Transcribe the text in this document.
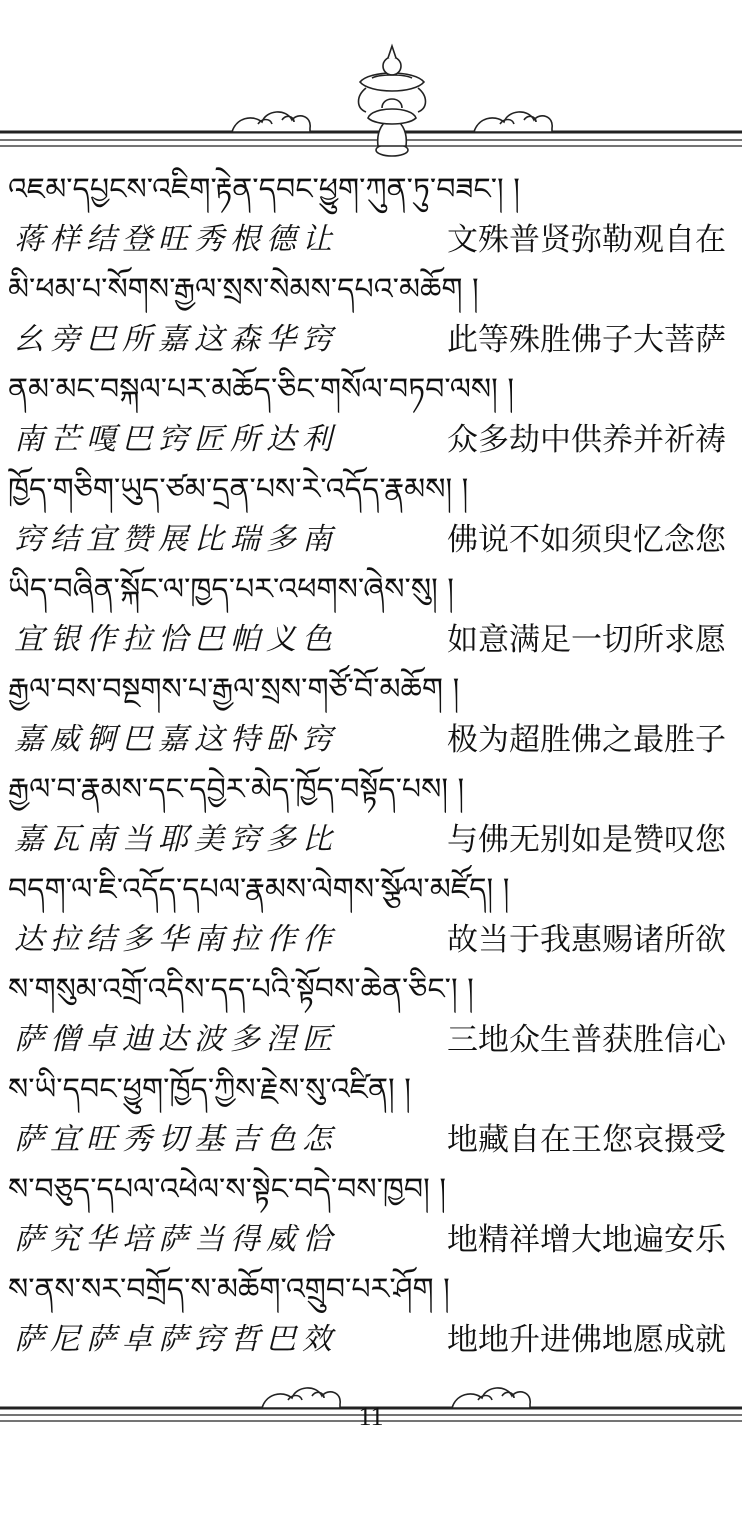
འཇམ་དཔྱངས་འཇིག་རྟེན་དབང་ཕྱུག་ཀུན་ཏུ་བཟང་། །
蒋样结登旺秀根德让	文殊普贤弥勒观自在
མི་ཕམ་པ་སོགས་རྒྱལ་སྲས་སེམས་དཔའ་མཆོག །
幺旁巴所嘉这森华窍	此等殊胜佛子大菩萨
ནམ་མང་བསྐལ་པར་མཆོད་ཅིང་གསོལ་བཏབ་ལས། །
南芒嘎巴窍匠所达利	众多劫中供养并祈祷
ཁྱོད་གཅིག་ཡུད་ཙམ་དྲན་པས་རེ་འདོད་རྣམས། །
窍结宜赞展比瑞多南	佛说不如须臾忆念您
ཡིད་བཞིན་སྐོང་ལ་ཁྱད་པར་འཕགས་ཞེས་སུ། །
宜银作拉恰巴帕义色	如意满足一切所求愿
རྒྱལ་བས་བསྔགས་པ་རྒྱལ་སྲས་གཙོ་བོ་མཆོག །
嘉威锕巴嘉这特卧窍	极为超胜佛之最胜子
རྒྱལ་བ་རྣམས་དང་དབྱེར་མེད་ཁྱོད་བསྟོད་པས། །
嘉瓦南当耶美窍多比	与佛无别如是赞叹您
བདག་ལ་ཇི་འདོད་དཔལ་རྣམས་ལེགས་སྩོལ་མཛོད། །
达拉结多华南拉作作	故当于我惠赐诸所欲
ས་གསུམ་འགྲོ་འདིས་དད་པའི་སྟོབས་ཆེན་ཅིང་། །
萨僧卓迪达波多涅匠	三地众生普获胜信心
ས་ཡི་དབང་ཕྱུག་ཁྱོད་ཀྱིས་རྗེས་སུ་འཛིན། །
萨宜旺秀切基吉色怎	地藏自在王您哀摄受
ས་བཅུད་དཔལ་འཕེལ་ས་སྟེང་བདེ་བས་ཁྱབ། །
萨究华培萨当得威恰	地精祥增大地遍安乐
ས་ནས་སར་བགྲོད་ས་མཆོག་འགྲུབ་པར་ཤོག །
萨尼萨卓萨窍哲巴效	地地升进佛地愿成就
11
